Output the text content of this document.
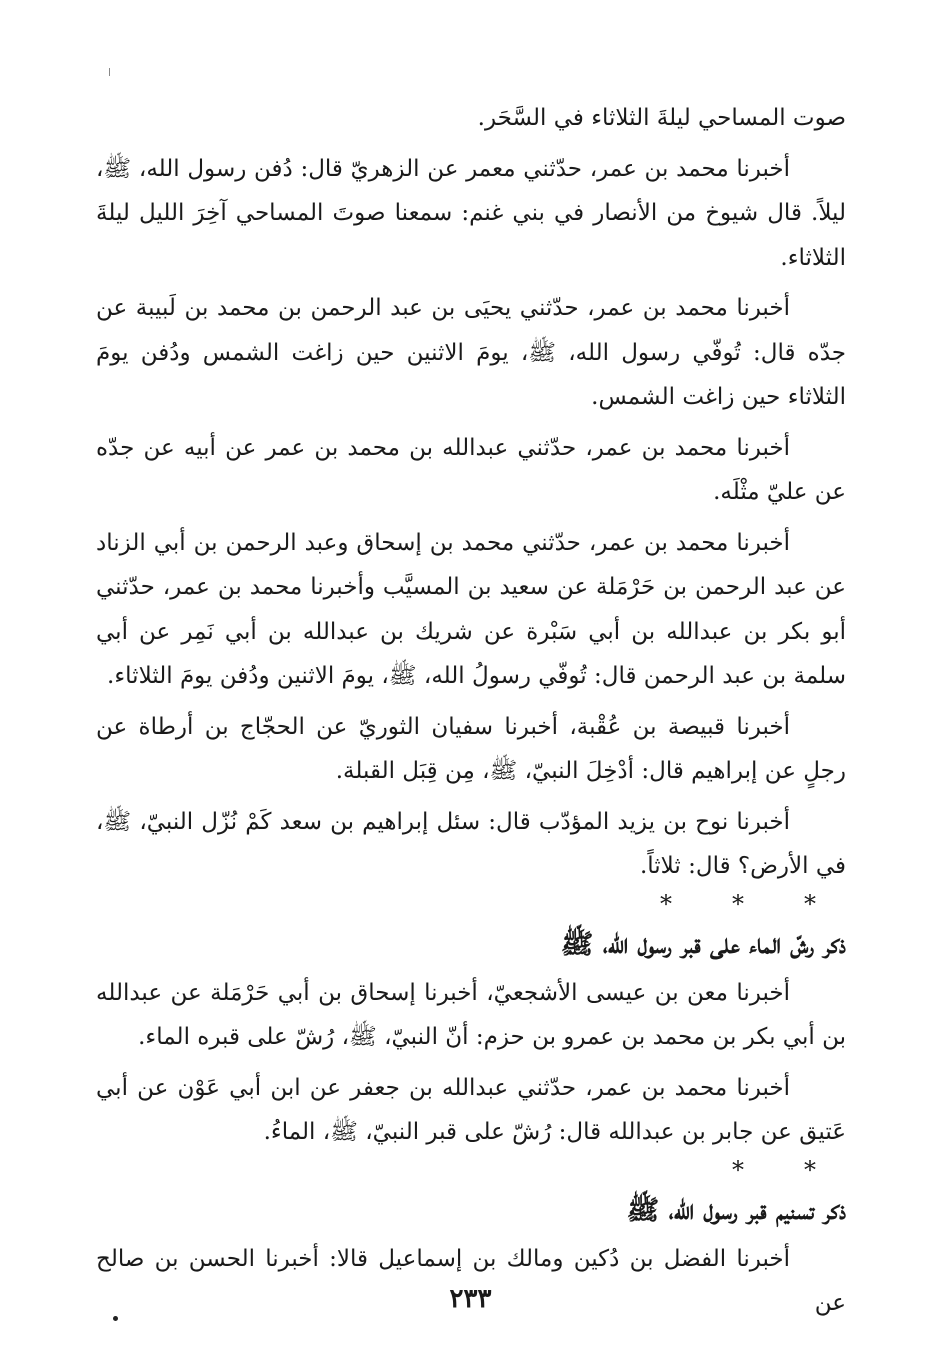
صوت المساحي ليلةَ الثلاثاء في السَّحَر.

أخبرنا محمد بن عمر، حدّثني معمر عن الزهريّ قال: دُفن رسول الله، ﷺ، ليلاً. قال شيوخ من الأنصار في بني غنم: سمعنا صوتَ المساحي آخِرَ الليل ليلةَ الثلاثاء.

أخبرنا محمد بن عمر، حدّثني يحيَى بن عبد الرحمن بن محمد بن لَبيبة عن جدّه قال: تُوفّي رسول الله، ﷺ، يومَ الاثنين حين زاغت الشمس ودُفن يومَ الثلاثاء حين زاغت الشمس.

أخبرنا محمد بن عمر، حدّثني عبدالله بن محمد بن عمر عن أبيه عن جدّه عن عليّ مثْلَه.

أخبرنا محمد بن عمر، حدّثني محمد بن إسحاق وعبد الرحمن بن أبي الزناد عن عبد الرحمن بن حَرْمَلة عن سعيد بن المسيَّب وأخبرنا محمد بن عمر، حدّثني أبو بكر بن عبدالله بن أبي سَبْرة عن شريك بن عبدالله بن أبي نَمِر عن أبي سلمة بن عبد الرحمن قال: تُوفّي رسولُ الله، ﷺ، يومَ الاثنين ودُفن يومَ الثلاثاء.

أخبرنا قبيصة بن عُقْبة، أخبرنا سفيان الثوريّ عن الحجّاج بن أرطاة عن رجلٍ عن إبراهيم قال: أدْخِلَ النبيّ، ﷺ، مِن قِبَل القبلة.

أخبرنا نوح بن يزيد المؤدّب قال: سئل إبراهيم بن سعد كَمْ نُزّل النبيّ، ﷺ، في الأرض؟ قال: ثلاثاً.

*	*	*
ذكر رشّ الماء على قبر رسول الله، ﷺ

أخبرنا معن بن عيسى الأشجعيّ، أخبرنا إسحاق بن أبي حَرْمَلة عن عبدالله بن أبي بكر بن محمد بن عمرو بن حزم: أنّ النبيّ، ﷺ، رُشّ على قبره الماء.

أخبرنا محمد بن عمر، حدّثني عبدالله بن جعفر عن ابن أبي عَوْن عن أبي عَتيق عن جابر بن عبدالله قال: رُشّ على قبر النبيّ، ﷺ، الماءُ.

*	*
ذكر تسنيم قبر رسول الله، ﷺ

أخبرنا الفضل بن دُكين ومالك بن إسماعيل قالا: أخبرنا الحسن بن صالح عن

٢٣٣
